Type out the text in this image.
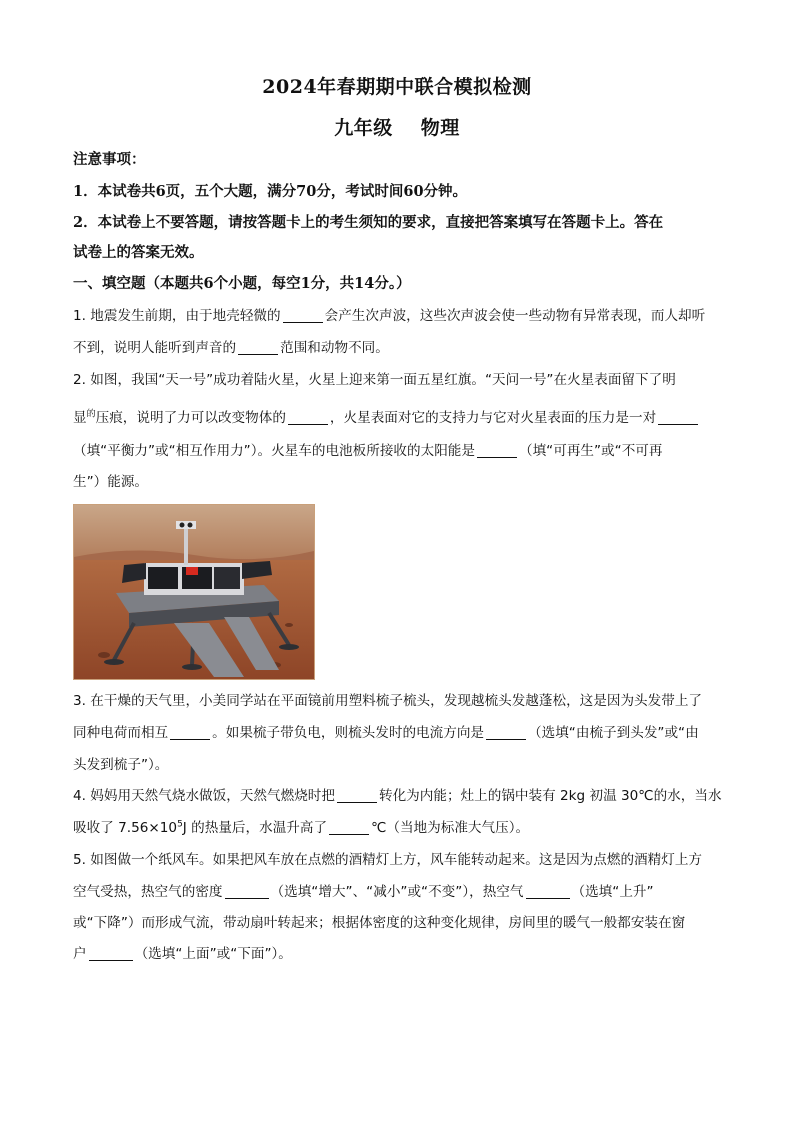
2024年春期期中联合模拟检测
九年级 物理
注意事项：
1．本试卷共6页，五个大题，满分70分，考试时间60分钟。
2．本试卷上不要答题，请按答题卡上的考生须知的要求，直接把答案填写在答题卡上。答在
试卷上的答案无效。
一、填空题（本题共6个小题，每空1分，共14分。）
1. 地震发生前期，由于地壳轻微的	会产生次声波，这些次声波会使一些动物有异常表现，而人却听
不到，说明人能听到声音的	范围和动物不同。
2. 如图，我国“天一号”成功着陆火星，火星上迎来第一面五星红旗。“天问一号”在火星表面留下了明
显$^的$压痕，说明了力可以改变物体的	，火星表面对它的支持力与它对火星表面的压力是一对
（填“平衡力”或“相互作用力”）。火星车的电池板所接收的太阳能是	（填“可再生”或“不可再
生”）能源。
3. 在干燥的天气里，小美同学站在平面镜前用塑料梳子梳头，发现越梳头发越蓬松，这是因为头发带上了
同种电荷而相互	。如果梳子带负电，则梳头发时的电流方向是	（选填“由梳子到头发”或“由
头发到梳子”）。
4. 妈妈用天然气烧水做饭，天然气燃烧时把	转化为内能；灶上的锅中装有 2kg 初温 30℃的水，当水
吸收了 $7.56\times 10^5J$ 的热量后，水温升高了	℃（当地为标准大气压）。
5. 如图做一个纸风车。如果把风车放在点燃的酒精灯上方，风车能转动起来。这是因为点燃的酒精灯上方
空气受热，热空气的密度	（选填“增大”、“减小”或“不变”），热空气	（选填“上升”
或“下降”）而形成气流，带动扇叶转起来；根据体密度的这种变化规律，房间里的暖气一般都安装在窗
户	（选填“上面”或“下面”）。
